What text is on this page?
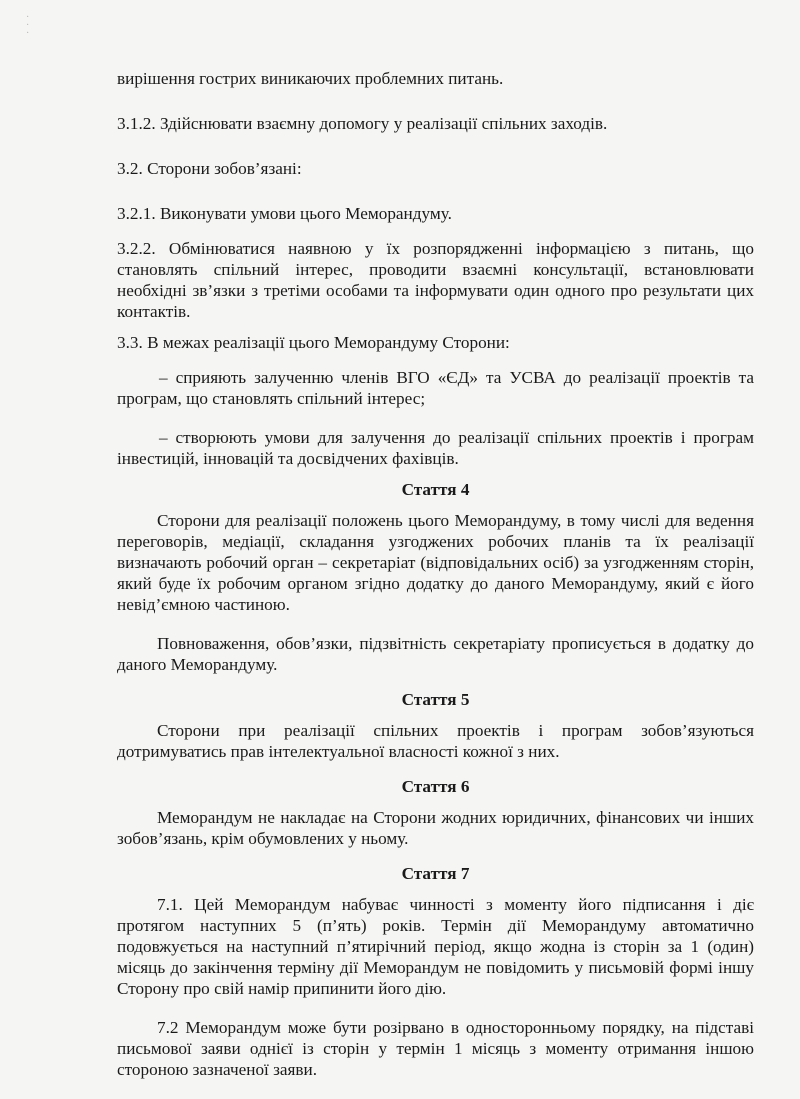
·
·
·

вирішення гострих виникаючих проблемних питань.

3.1.2. Здійснювати взаємну допомогу у реалізації спільних заходів.

3.2. Сторони зобов’язані:

3.2.1. Виконувати умови цього Меморандуму.

3.2.2. Обмінюватися наявною у їх розпорядженні інформацією з питань, що становлять спільний інтерес, проводити взаємні консультації, встановлювати необхідні зв’язки з третіми особами та інформувати один одного про результати цих контактів.

3.3. В межах реалізації цього Меморандуму Сторони:

– сприяють залученню членів ВГО «ЄД» та УСВА до реалізації проектів та програм, що становлять спільний інтерес;

– створюють умови для залучення до реалізації спільних проектів і програм інвестицій, інновацій та досвідчених фахівців.

Стаття 4

Сторони для реалізації положень цього Меморандуму, в тому числі для ведення переговорів, медіації, складання узгоджених робочих планів та їх реалізації визначають робочий орган – секретаріат (відповідальних осіб) за узгодженням сторін, який буде їх робочим органом згідно додатку до даного Меморандуму, який є його невід’ємною частиною.

Повноваження, обов’язки, підзвітність секретаріату прописується в додатку до даного Меморандуму.

Стаття 5

Сторони при реалізації спільних проектів і програм зобов’язуються дотримуватись прав інтелектуальної власності кожної з них.

Стаття 6

Меморандум не накладає на Сторони жодних юридичних, фінансових чи інших зобов’язань, крім обумовлених у ньому.

Стаття 7

7.1. Цей Меморандум набуває чинності з моменту його підписання і діє протягом наступних 5 (п’ять) років. Термін дії Меморандуму автоматично подовжується на наступний п’ятирічний період, якщо жодна із сторін за 1 (один) місяць до закінчення терміну дії Меморандум не повідомить у письмовій формі іншу Сторону про свій намір припинити його дію.

7.2 Меморандум може бути розірвано в односторонньому порядку, на підставі письмової заяви однієї із сторін у термін 1 місяць з моменту отримання іншою стороною зазначеної заяви.
